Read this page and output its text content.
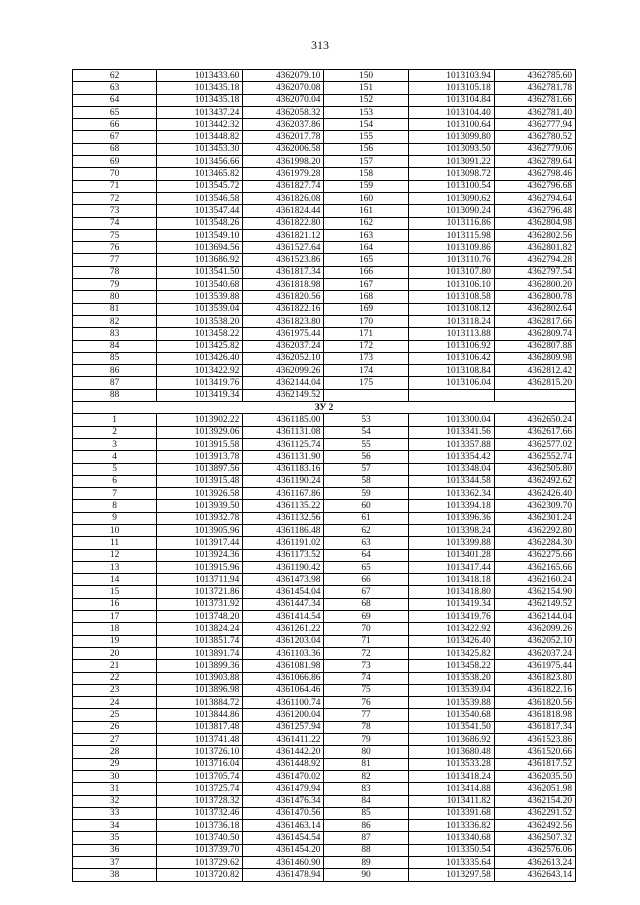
313
62	1013433.60	4362079.10	150	1013103.94	4362785.60
63	1013435.18	4362070.08	151	1013105.18	4362781.78
64	1013435.18	4362070.04	152	1013104.84	4362781.66
65	1013437.24	4362058.32	153	1013104.40	4362781.40
66	1013442.32	4362037.86	154	1013100.64	4362777.94
67	1013448.82	4362017.78	155	1013099.80	4362780.52
68	1013453.30	4362006.58	156	1013093.50	4362779.06
69	1013456.66	4361998.20	157	1013091.22	4362789.64
70	1013465.82	4361979.28	158	1013098.72	4362798.46
71	1013545.72	4361827.74	159	1013100.54	4362796.68
72	1013546.58	4361826.08	160	1013090.62	4362794.64
73	1013547.44	4361824.44	161	1013090.24	4362796.48
74	1013548.26	4361822.80	162	1013116.86	4362804.98
75	1013549.10	4361821.12	163	1013115.98	4362802.56
76	1013694.56	4361527.64	164	1013109.86	4362801.82
77	1013686.92	4361523.86	165	1013110.76	4362794.28
78	1013541.50	4361817.34	166	1013107.80	4362797.54
79	1013540.68	4361818.98	167	1013106.10	4362800.20
80	1013539.88	4361820.56	168	1013108.58	4362800.78
81	1013539.04	4361822.16	169	1013108.12	4362802.64
82	1013538.20	4361823.80	170	1013118.24	4362817.66
83	1013458.22	4361975.44	171	1013113.88	4362809.74
84	1013425.82	4362037.24	172	1013106.92	4362807.88
85	1013426.40	4362052.10	173	1013106.42	4362809.98
86	1013422.92	4362099.26	174	1013108.84	4362812.42
87	1013419.76	4362144.04	175	1013106.04	4362815.20
88	1013419.34	4362149.52			
ЗУ 2					
1	1013902.22	4361185.00	53	1013300.04	4362650.24
2	1013929.06	4361131.08	54	1013341.56	4362617.66
3	1013915.58	4361125.74	55	1013357.88	4362577.02
4	1013913.78	4361131.90	56	1013354.42	4362552.74
5	1013897.56	4361183.16	57	1013348.04	4362505.80
6	1013915.48	4361190.24	58	1013344.58	4362492.62
7	1013926.58	4361167.86	59	1013362.34	4362426.40
8	1013939.50	4361135.22	60	1013394.18	4362309.70
9	1013932.78	4361132.56	61	1013396.36	4362301.24
10	1013905.96	4361186.48	62	1013398.24	4362292.80
11	1013917.44	4361191.02	63	1013399.88	4362284.30
12	1013924.36	4361173.52	64	1013401.28	4362275.66
13	1013915.96	4361190.42	65	1013417.44	4362165.66
14	1013711.94	4361473.98	66	1013418.18	4362160.24
15	1013721.86	4361454.04	67	1013418.80	4362154.90
16	1013731.92	4361447.34	68	1013419.34	4362149.52
17	1013748.20	4361414.54	69	1013419.76	4362144.04
18	1013824.24	4361261.22	70	1013422.92	4362099.26
19	1013851.74	4361203.04	71	1013426.40	4362052.10
20	1013891.74	4361103.36	72	1013425.82	4362037.24
21	1013899.36	4361081.98	73	1013458.22	4361975.44
22	1013903.88	4361066.86	74	1013538.20	4361823.80
23	1013896.98	4361064.46	75	1013539.04	4361822.16
24	1013884.72	4361100.74	76	1013539.88	4361820.56
25	1013844.86	4361200.04	77	1013540.68	4361818.98
26	1013817.48	4361257.94	78	1013541.50	4361817.34
27	1013741.48	4361411.22	79	1013686.92	4361523.86
28	1013726.10	4361442.20	80	1013680.48	4361520.66
29	1013716.04	4361448.92	81	1013533.28	4361817.52
30	1013705.74	4361470.02	82	1013418.24	4362035.50
31	1013725.74	4361479.94	83	1013414.88	4362051.98
32	1013728.32	4361476.34	84	1013411.82	4362154.20
33	1013732.46	4361470.56	85	1013391.68	4362291.52
34	1013736.18	4361463.14	86	1013336.82	4362492.56
35	1013740.50	4361454.54	87	1013340.68	4362507.32
36	1013739.70	4361454.20	88	1013350.54	4362576.06
37	1013729.62	4361460.90	89	1013335.64	4362613.24
38	1013720.82	4361478.94	90	1013297.58	4362643.14
